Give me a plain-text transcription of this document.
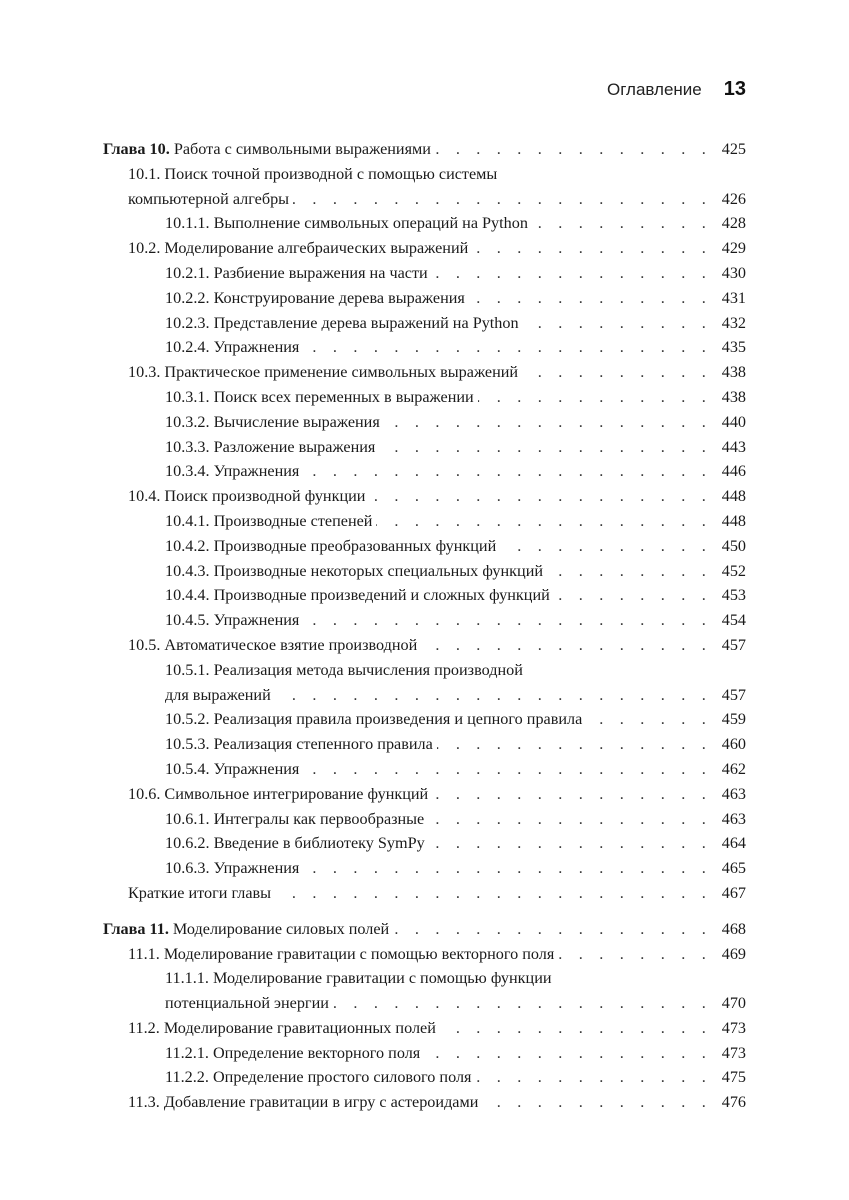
Оглавление 13
Глава 10. Работа с символьными выражениями . . .	425
10.1. Поиск точной производной с помощью системы
компьютерной алгебры . . .	426
10.1.1. Выполнение символьных операций на Python . . .	428
10.2. Моделирование алгебраических выражений . . .	429
10.2.1. Разбиение выражения на части . . .	430
10.2.2. Конструирование дерева выражения . . .	431
10.2.3. Представление дерева выражений на Python . . .	432
10.2.4. Упражнения . . .	435
10.3. Практическое применение символьных выражений . . .	438
10.3.1. Поиск всех переменных в выражении . . .	438
10.3.2. Вычисление выражения . . .	440
10.3.3. Разложение выражения . . .	443
10.3.4. Упражнения . . .	446
10.4. Поиск производной функции . . .	448
10.4.1. Производные степеней . . .	448
10.4.2. Производные преобразованных функций . . .	450
10.4.3. Производные некоторых специальных функций . . .	452
10.4.4. Производные произведений и сложных функций . . .	453
10.4.5. Упражнения . . .	454
10.5. Автоматическое взятие производной . . .	457
10.5.1. Реализация метода вычисления производной
для выражений . . .	457
10.5.2. Реализация правила произведения и цепного правила . . .	459
10.5.3. Реализация степенного правила . . .	460
10.5.4. Упражнения . . .	462
10.6. Символьное интегрирование функций . . .	463
10.6.1. Интегралы как первообразные . . .	463
10.6.2. Введение в библиотеку SymPy . . .	464
10.6.3. Упражнения . . .	465
Краткие итоги главы . . .	467
Глава 11. Моделирование силовых полей . . .	468
11.1. Моделирование гравитации с помощью векторного поля . . .	469
11.1.1. Моделирование гравитации с помощью функции
потенциальной энергии . . .	470
11.2. Моделирование гравитационных полей . . .	473
11.2.1. Определение векторного поля . . .	473
11.2.2. Определение простого силового поля . . .	475
11.3. Добавление гравитации в игру с астероидами . . .	476
